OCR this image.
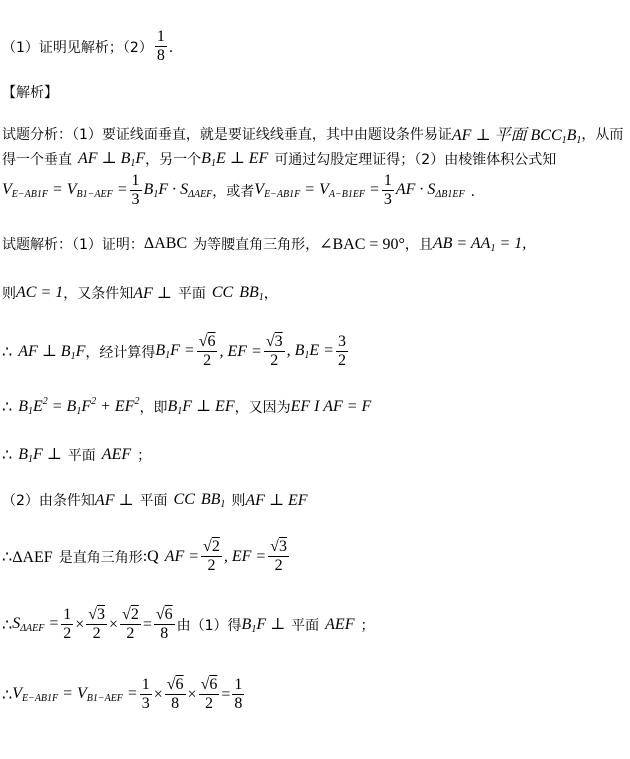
（1）证明见解析；$(2) \frac{1}{8}$ ．
【解析】
试题分析：（1）要证线面垂直，就是要证线线垂直，其中由题设条件易证 AF ⊥ 平面 BCC1B1 ，从而
得一个垂直 AF ⊥ B1F ，另一个 B1E ⊥ EF 可通过勾股定理证得；（2）由棱锥体积公式知
$VE-AB1F = VB1-AEF = \frac{1}{3} B1F \cdot S\Delta AEF$ ，或者 $VE-AB1F = VA-B1EF = \frac{1}{3}$ AF · SΔB1EF ．
试题解析：（1）证明： ΔABC 为等腰直角三角形， ∠BAC = 90° ，且 AB = AA1 = 1,
则 AC = 1 ，又条件知 AF ⊥ 平面 CC BB1 ，
∴ AF ⊥ B1F ，经计算得 $B1F = \frac{√6}{2}$ , EF = $\frac{√3}{2}$ , $B1E = \frac{3}{2}$
∴ $B1E^2 = B1F^2 + EF^2$ ，即 B1F ⊥ EF ，又因为 EF I AF = F
∴ B1F ⊥ 平面 AEF ；
（2）由条件知 AF ⊥ 平面 CC BB1 则 AF ⊥ EF
∴ΔAEF 是直角三角形 :Q AF = $\frac{√2}{2}$ , EF = $\frac{√3}{2}$
∴ $S\Delta AEF = \frac{1}{2} \times \frac{√3}{2} \times \frac{√2}{2} = \frac{√6}{8}$ 由（1）得 B1F ⊥ 平面 AEF ；
∴ $VE-AB1F = VB1-AEF = \frac{1}{3} \times \frac{√6}{8} \times \frac{√6}{2} = \frac{1}{8}$
